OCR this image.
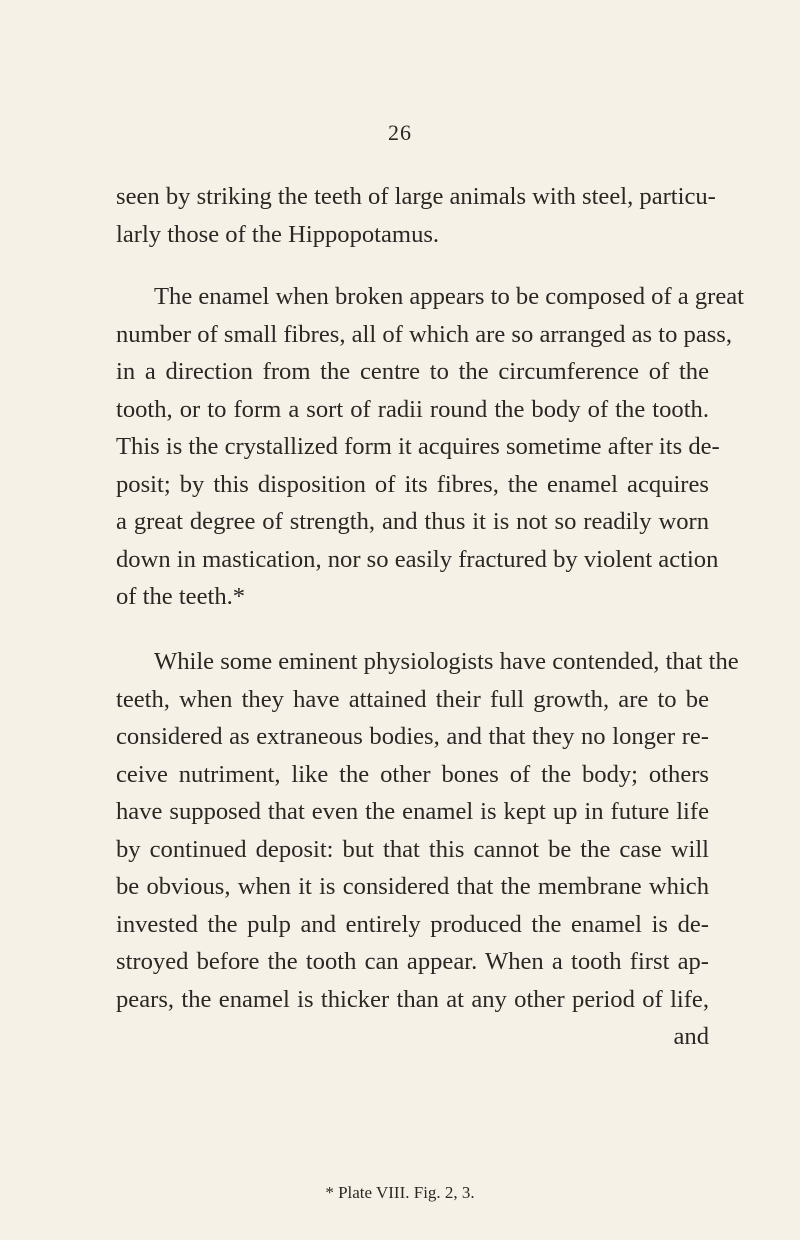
26
seen by striking the teeth of large animals with steel, particu-
larly those of the Hippopotamus.
The enamel when broken appears to be composed of a great
number of small fibres, all of which are so arranged as to pass,
in a direction from the centre to the circumference of the
tooth, or to form a sort of radii round the body of the tooth.
This is the crystallized form it acquires sometime after its de-
posit; by this disposition of its fibres, the enamel acquires
a great degree of strength, and thus it is not so readily worn
down in mastication, nor so easily fractured by violent action
of the teeth.*
While some eminent physiologists have contended, that the
teeth, when they have attained their full growth, are to be
considered as extraneous bodies, and that they no longer re-
ceive nutriment, like the other bones of the body; others
have supposed that even the enamel is kept up in future life
by continued deposit: but that this cannot be the case will
be obvious, when it is considered that the membrane which
invested the pulp and entirely produced the enamel is de-
stroyed before the tooth can appear. When a tooth first ap-
pears, the enamel is thicker than at any other period of life,
and
* Plate VIII. Fig. 2, 3.
